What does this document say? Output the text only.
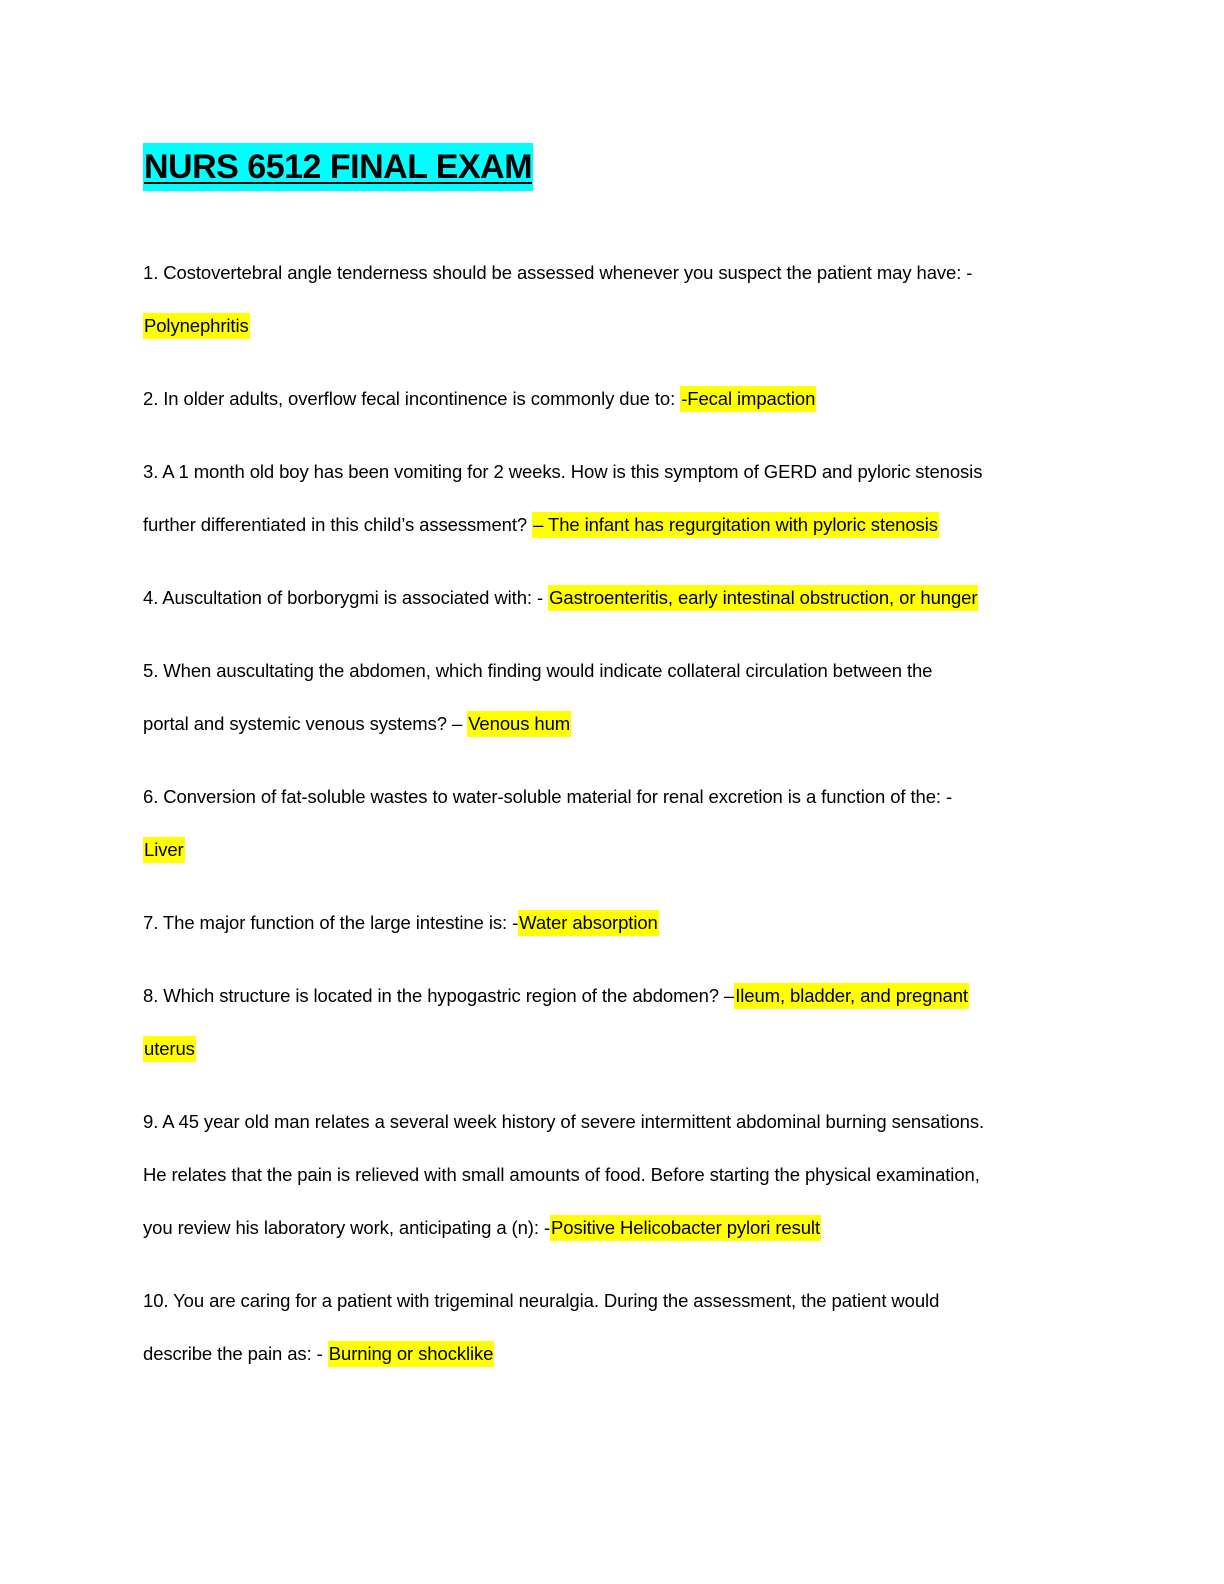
NURS 6512 FINAL EXAM

1. Costovertebral angle tenderness should be assessed whenever you suspect the patient may have: -

Polynephritis

2. In older adults, overflow fecal incontinence is commonly due to: -Fecal impaction

3. A 1 month old boy has been vomiting for 2 weeks. How is this symptom of GERD and pyloric stenosis

further differentiated in this child’s assessment? – The infant has regurgitation with pyloric stenosis

4. Auscultation of borborygmi is associated with: - Gastroenteritis, early intestinal obstruction, or hunger

5. When auscultating the abdomen, which finding would indicate collateral circulation between the

portal and systemic venous systems? – Venous hum

6. Conversion of fat-soluble wastes to water-soluble material for renal excretion is a function of the: -

Liver

7. The major function of the large intestine is: -Water absorption

8. Which structure is located in the hypogastric region of the abdomen? –Ileum, bladder, and pregnant

uterus

9. A 45 year old man relates a several week history of severe intermittent abdominal burning sensations.

He relates that the pain is relieved with small amounts of food. Before starting the physical examination,

you review his laboratory work, anticipating a (n): -Positive Helicobacter pylori result

10. You are caring for a patient with trigeminal neuralgia. During the assessment, the patient would

describe the pain as: - Burning or shocklike
